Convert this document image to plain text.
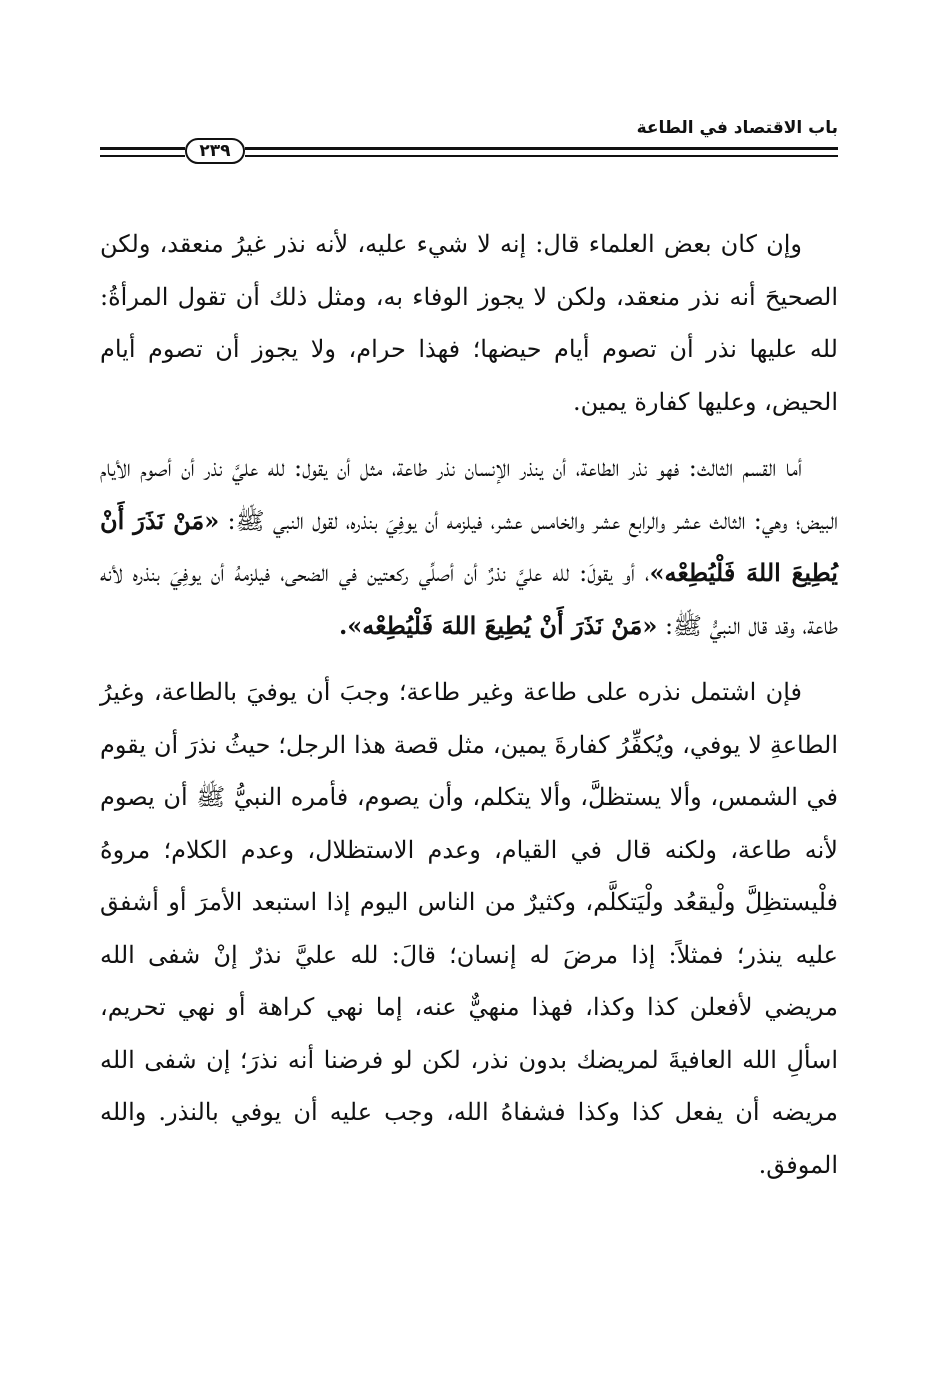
باب الاقتصاد في الطاعة
٢٣٩

وإن كان بعض العلماء قال: إنه لا شيء عليه، لأنه نذر غيرُ منعقد، ولكن الصحيحَ أنه نذر منعقد، ولكن لا يجوز الوفاء به، ومثل ذلك أن تقول المرأةُ: لله عليها نذر أن تصوم أيام حيضها؛ فهذا حرام، ولا يجوز أن تصوم أيام الحيض، وعليها كفارة يمين.

أما القسم الثالث: فهو نذر الطاعة، أن ينذر الإنسان نذر طاعة، مثل أن يقول: لله عليَّ نذر أن أصوم الأيام البيض؛ وهي: الثالث عشر والرابع عشر والخامس عشر، فيلزمه أن يوفِيَ بنذره، لقول النبي ﷺ: «مَنْ نَذَرَ أَنْ يُطِيعَ اللهَ فَلْيُطِعْه»، أو يقولَ: لله عليَّ نذرٌ أن أصلِّي ركعتين في الضحى، فيلزمهُ أن يوفِيَ بنذره لأنه طاعة، وقد قال النبيُّ ﷺ: «مَنْ نَذَرَ أَنْ يُطِيعَ اللهَ فَلْيُطِعْه».

فإن اشتمل نذره على طاعة وغير طاعة؛ وجبَ أن يوفيَ بالطاعة، وغيرُ الطاعةِ لا يوفي، ويُكفِّرُ كفارةَ يمين، مثل قصة هذا الرجل؛ حيثُ نذرَ أن يقوم في الشمس، وألا يستظلَّ، وألا يتكلم، وأن يصوم، فأمره النبيُّ ﷺ أن يصوم لأنه طاعة، ولكنه قال في القيام، وعدم الاستظلال، وعدم الكلام؛ مروهُ فلْيستظِلَّ ولْيقعُد ولْيَتكلَّم، وكثيرٌ من الناس اليوم إذا استبعد الأمرَ أو أشفق عليه ينذر؛ فمثلاً: إذا مرضَ له إنسان؛ قالَ: لله عليَّ نذرٌ إنْ شفى الله مريضي لأفعلن كذا وكذا، فهذا منهيٌّ عنه، إما نهي كراهة أو نهي تحريم، اسألِ الله العافيةَ لمريضك بدون نذر، لكن لو فرضنا أنه نذرَ؛ إن شفى الله مريضه أن يفعل كذا وكذا فشفاهُ الله، وجب عليه أن يوفي بالنذر. والله الموفق.
